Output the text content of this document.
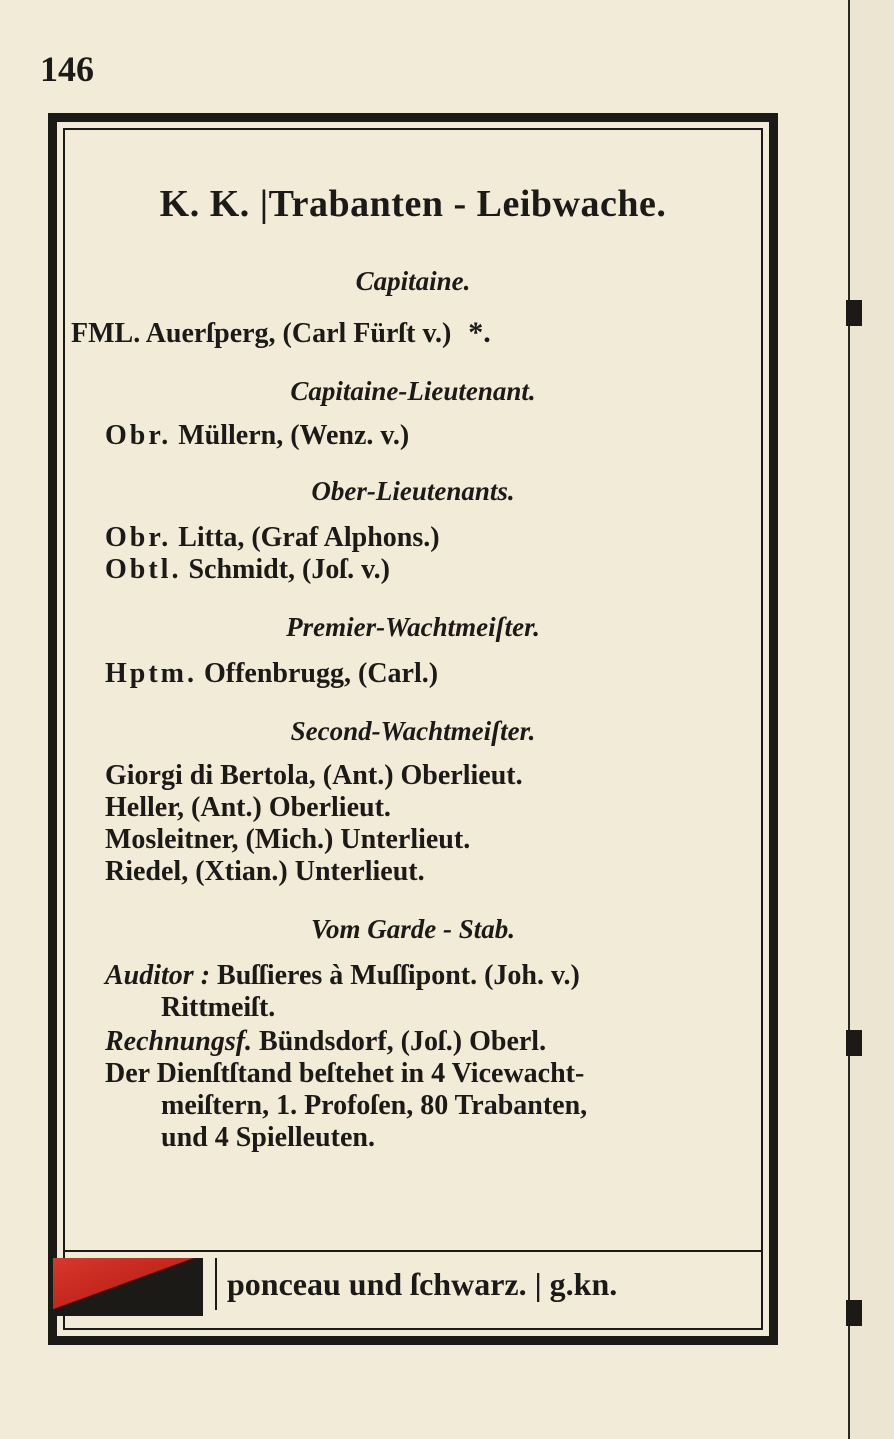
146
K. K. |Trabanten - Leibwache.
Capitaine.
FML. Auerſperg, (Carl Fürſt v.) *.
Capitaine-Lieutenant.
Obr. Müllern, (Wenz. v.)
Ober-Lieutenants.
Obr. Litta, (Graf Alphons.)
Obtl. Schmidt, (Joſ. v.)
Premier-Wachtmeiſter.
Hptm. Offenbrugg, (Carl.)
Second-Wachtmeiſter.
Giorgi di Bertola, (Ant.) Oberlieut.
Heller, (Ant.) Oberlieut.
Mosleitner, (Mich.) Unterlieut.
Riedel, (Xtian.) Unterlieut.
Vom Garde - Stab.
Auditor : Buſſieres à Muſſipont. (Joh. v.)
Rittmeiſt.
Rechnungsf. Bündsdorf, (Joſ.) Oberl.
Der Dienſtſtand beſtehet in 4 Vicewacht-
meiſtern, 1. Profoſen, 80 Trabanten,
und 4 Spielleuten.
ponceau und ſchwarz. | g.kn.
